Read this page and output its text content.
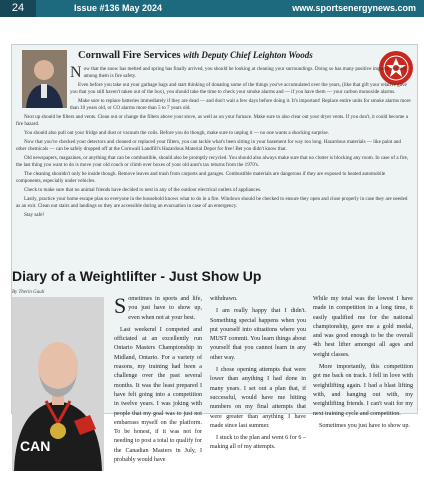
24	Issue #136 May 2024	www.sportsenergynews.com
Cornwall Fire Services with Deputy Chief Leighton Woods

Now that the snow has melted and spring has finally arrived, you should be looking at cleaning your surroundings. Doing so has many positive impacts — chief among them is fire safety.

Even before you take out your garbage bags and start thinking of donating some of the things you've accumulated over the years, (like that gift your relative gave you that you still haven't taken out of the box), you should take the time to check your smoke alarms and — if you have them — your carbon monoxide alarms.

Make sure to replace batteries immediately if they are dead — and don't wait a few days before doing it. It's important! Replace entire units for smoke alarms more than 10 years old, or CO alarms more than 5 to 7 years old.

Next up should be filters and vents. Clean out or change the filters above your stove, as well as on your furnace. Make sure to also clear out your dryer vents. If you don't, it could become a fire hazard.

You should also pull out your fridge and dust or vacuum the coils. Before you do though, make sure to unplug it — no one wants a shocking surprise.

Now that you've checked your detectors and cleaned or replaced your filters, you can tackle what's been sitting in your basement for way too long. Hazardous materials — like paint and other chemicals — can be safely dropped off at the Cornwall Landfill's Hazardous Material Depot for free! Bet you didn't know that.

Old newspapers, magazines, or anything that can be combustible, should also be promptly recycled. You should also always make sure that no clutter is blocking any room. In case of a fire, the last thing you want to do is move your old couch or climb over boxes of your old aunt's tax returns from the 1970's.

The cleaning shouldn't only be inside though. Remove leaves and trash from carports and garages. Combustible materials are dangerous if they are exposed to heated automobile components, especially under vehicles.

Check to make sure that no animal friends have decided to nest in any of the outdoor electrical outlets of appliances.

Lastly, practice your home escape plan so everyone in the household knows what to do in a fire. Windows should be checked to ensure they open and close properly in case they are needed as an exit. Clean out stairs and landings so they are accessible during an evacuation in case of an emergency.

Stay safe!

Diary of a Weightlifter - Just Show Up
By Therin Gauli
CAN

Sometimes in sports and life, you just have to show up, even when not at your best.

Last weekend I competed and officiated at an excellently run Ontario Masters Championship in Midland, Ontario. For a variety of reasons, my training had been a challenge over the past several months. It was the least prepared I have felt going into a competition in twelve years. I was joking with people that my goal was to just not embarrass myself on the platform. To be honest, if it was not for needing to post a total to qualify for the Canadian Masters in July, I probably would have

withdrawn.

I am really happy that I didn't. Something special happens when you put yourself into situations where you MUST commit. You learn things about yourself that you cannot learn in any other way.

I chose opening attempts that were lower than anything I had done in many years. I set out a plan that, if successful, would have me hitting numbers on my final attempts that were greater than anything I have made since last summer.

I stuck to the plan and went 6 for 6 – making all of my attempts.

While my total was the lowest I have made in competition in a long time, it easily qualified me for the national championship, gave me a gold medal, and was good enough to be the overall 4th best lifter amongst all ages and weight classes.

More importantly, this competition got me back on track. I fell in love with weightlifting again. I had a blast lifting with, and hanging out with, my weightlifting friends. I can't wait for my next training cycle and competition.

Sometimes you just have to show up.
